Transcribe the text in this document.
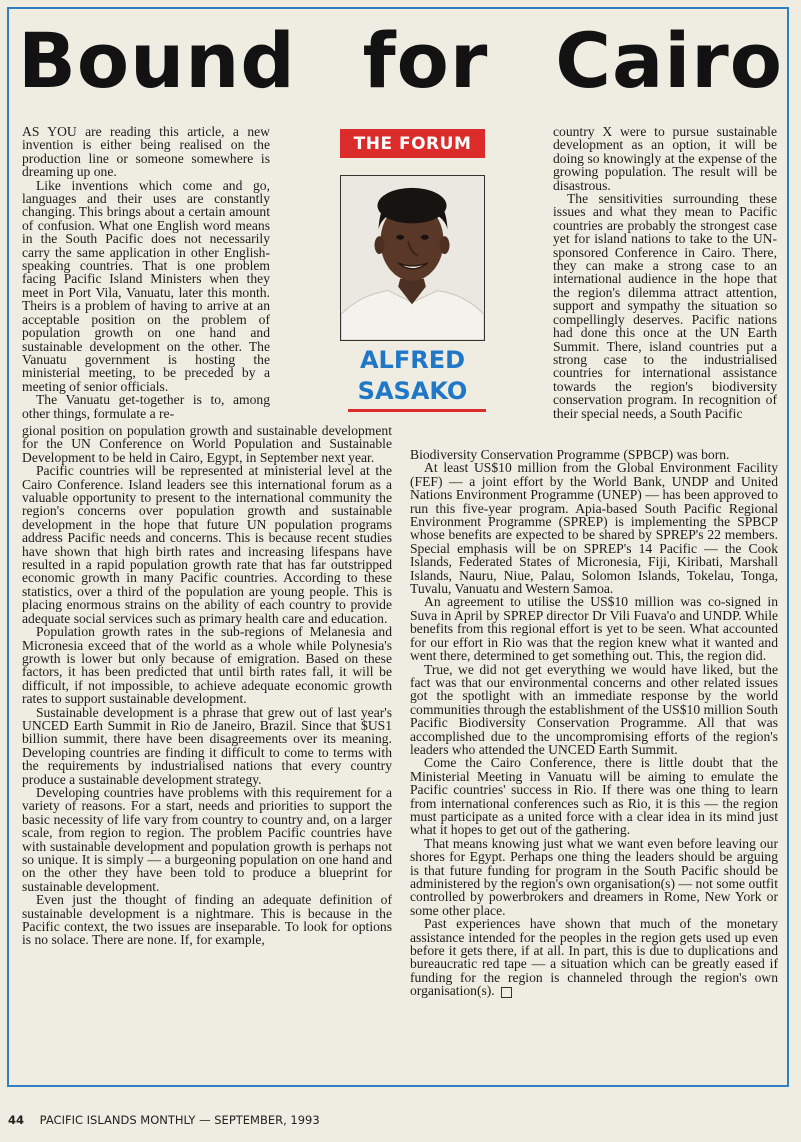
Bound for Cairo
THE FORUM
ALFRED
SASAKO

AS YOU are reading this article, a new invention is either being realised on the production line or someone somewhere is dreaming up one.

Like inventions which come and go, languages and their uses are constantly changing. This brings about a certain amount of confusion. What one English word means in the South Pacific does not necessarily carry the same application in other English-speaking countries. That is one problem facing Pacific Island Ministers when they meet in Port Vila, Vanuatu, later this month. Theirs is a problem of having to arrive at an acceptable position on the problem of population growth on one hand and sustainable development on the other. The Vanuatu government is hosting the ministerial meeting, to be preceded by a meeting of senior officials.

The Vanuatu get-together is to, among other things, formulate a re-

country X were to pursue sustainable development as an option, it will be doing so knowingly at the expense of the growing population. The result will be disastrous.

The sensitivities surrounding these issues and what they mean to Pacific countries are probably the strongest case yet for island nations to take to the UN-sponsored Conference in Cairo. There, they can make a strong case to an international audience in the hope that the region's dilemma attract attention, support and sympathy the situation so compellingly deserves. Pacific nations had done this once at the UN Earth Summit. There, island countries put a strong case to the industrialised countries for international assistance towards the region's biodiversity conservation program. In recognition of their special needs, a South Pacific

gional position on population growth and sustainable development for the UN Conference on World Population and Sustainable Development to be held in Cairo, Egypt, in September next year.

Pacific countries will be represented at ministerial level at the Cairo Conference. Island leaders see this international forum as a valuable opportunity to present to the international community the region's concerns over population growth and sustainable development in the hope that future UN population programs address Pacific needs and concerns. This is because recent studies have shown that high birth rates and increasing lifespans have resulted in a rapid population growth rate that has far outstripped economic growth in many Pacific countries. According to these statistics, over a third of the population are young people. This is placing enormous strains on the ability of each country to provide adequate social services such as primary health care and education.

Population growth rates in the sub-regions of Melanesia and Micronesia exceed that of the world as a whole while Polynesia's growth is lower but only because of emigration. Based on these factors, it has been predicted that until birth rates fall, it will be difficult, if not impossible, to achieve adequate economic growth rates to support sustainable development.

Sustainable development is a phrase that grew out of last year's UNCED Earth Summit in Rio de Janeiro, Brazil. Since that $US1 billion summit, there have been disagreements over its meaning. Developing countries are finding it difficult to come to terms with the requirements by industrialised nations that every country produce a sustainable development strategy.

Developing countries have problems with this requirement for a variety of reasons. For a start, needs and priorities to support the basic necessity of life vary from country to country and, on a larger scale, from region to region. The problem Pacific countries have with sustainable development and population growth is perhaps not so unique. It is simply — a burgeoning population on one hand and on the other they have been told to produce a blueprint for sustainable development.

Even just the thought of finding an adequate definition of sustainable development is a nightmare. This is because in the Pacific context, the two issues are inseparable. To look for options is no solace. There are none. If, for example,

Biodiversity Conservation Programme (SPBCP) was born.

At least US$10 million from the Global Environment Facility (FEF) — a joint effort by the World Bank, UNDP and United Nations Environment Programme (UNEP) — has been approved to run this five-year program. Apia-based South Pacific Regional Environment Programme (SPREP) is implementing the SPBCP whose benefits are expected to be shared by SPREP's 22 members. Special emphasis will be on SPREP's 14 Pacific — the Cook Islands, Federated States of Micronesia, Fiji, Kiribati, Marshall Islands, Nauru, Niue, Palau, Solomon Islands, Tokelau, Tonga, Tuvalu, Vanuatu and Western Samoa.

An agreement to utilise the US$10 million was co-signed in Suva in April by SPREP director Dr Vili Fuava'o and UNDP. While benefits from this regional effort is yet to be seen. What accounted for our effort in Rio was that the region knew what it wanted and went there, determined to get something out. This, the region did.

True, we did not get everything we would have liked, but the fact was that our environmental concerns and other related issues got the spotlight with an immediate response by the world communities through the establishment of the US$10 million South Pacific Biodiversity Conservation Programme. All that was accomplished due to the uncompromising efforts of the region's leaders who attended the UNCED Earth Summit.

Come the Cairo Conference, there is little doubt that the Ministerial Meeting in Vanuatu will be aiming to emulate the Pacific countries' success in Rio. If there was one thing to learn from international conferences such as Rio, it is this — the region must participate as a united force with a clear idea in its mind just what it hopes to get out of the gathering.

That means knowing just what we want even before leaving our shores for Egypt. Perhaps one thing the leaders should be arguing is that future funding for program in the South Pacific should be administered by the region's own organisation(s) — not some outfit controlled by powerbrokers and dreamers in Rome, New York or some other place.

Past experiences have shown that much of the monetary assistance intended for the peoples in the region gets used up even before it gets there, if at all. In part, this is due to duplications and bureaucratic red tape — a situation which can be greatly eased if funding for the region is channeled through the region's own organisation(s).

44 PACIFIC ISLANDS MONTHLY — SEPTEMBER, 1993
